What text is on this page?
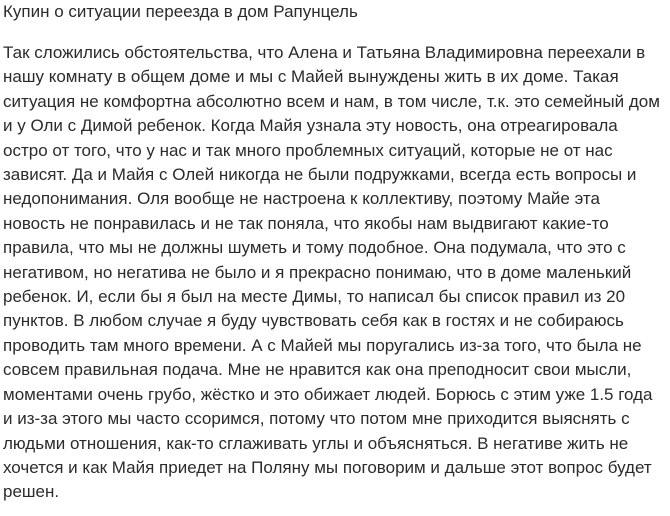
Купин о ситуации переезда в дом Рапунцель
Так сложились обстоятельства, что Алена и Татьяна Владимировна переехали в
нашу комнату в общем доме и мы с Майей вынуждены жить в их доме. Такая
ситуация не комфортна абсолютно всем и нам, в том числе, т.к. это семейный дом
и у Оли с Димой ребенок. Когда Майя узнала эту новость, она отреагировала
остро от того, что у нас и так много проблемных ситуаций, которые не от нас
зависят. Да и Майя с Олей никогда не были подружками, всегда есть вопросы и
недопонимания. Оля вообще не настроена к коллективу, поэтому Майе эта
новость не понравилась и не так поняла, что якобы нам выдвигают какие-то
правила, что мы не должны шуметь и тому подобное. Она подумала, что это с
негативом, но негатива не было и я прекрасно понимаю, что в доме маленький
ребенок. И, если бы я был на месте Димы, то написал бы список правил из 20
пунктов. В любом случае я буду чувствовать себя как в гостях и не собираюсь
проводить там много времени. А с Майей мы поругались из-за того, что была не
совсем правильная подача. Мне не нравится как она преподносит свои мысли,
моментами очень грубо, жёстко и это обижает людей. Борюсь с этим уже 1.5 года
и из-за этого мы часто ссоримся, потому что потом мне приходится выяснять с
людьми отношения, как-то сглаживать углы и объясняться. В негативе жить не
хочется и как Майя приедет на Поляну мы поговорим и дальше этот вопрос будет
решен.
